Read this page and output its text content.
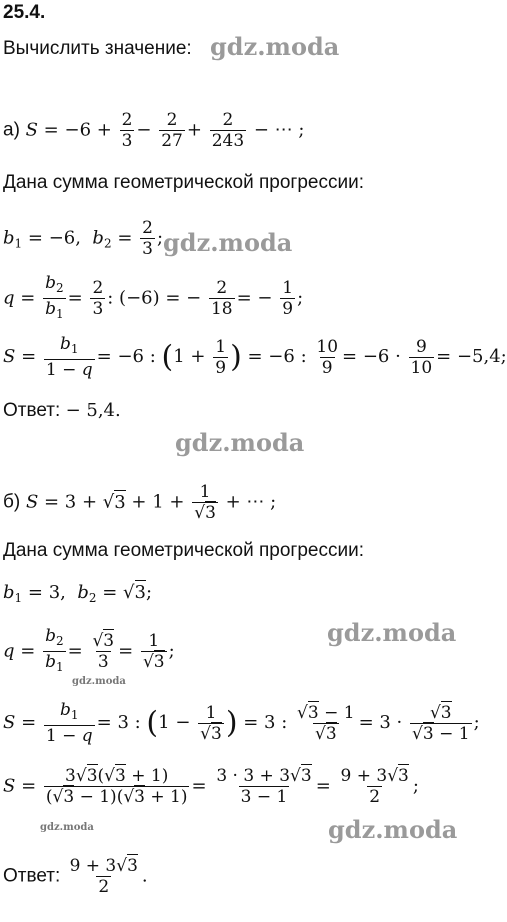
25.4.
Вычислить значение: gdz.moda
а) $S = -6 + \frac{2}{3} - \frac{2}{27} + \frac{2}{243}$ − ⋯ ;
Дана сумма геометрической прогрессии:
$b_1 = -6$,  $b_2 = \frac{2}{3}$ ; gdz.moda
$q = \frac{b_2}{b_1} = \frac{2}{3}$ : (−6) = − $\frac{2}{18}$ = − $\frac{1}{9}$ ;
$S = \frac{b_1}{1 - q} = -6$ : ($1 + \frac{1}{9}$ ) = −6 : $\frac{10}{9} = -6 \cdot \frac{9}{10} = -5,4$;
Ответ: − 5,4.
gdz.moda
б) $S = 3 + √3 + 1 + \frac{1}{√3}$ + ⋯ ;
Дана сумма геометрической прогрессии:
$b_1 = 3$,  $b_2 = √3$;
$q = \frac{b_2}{b_1} = \frac{√3}{3} = \frac{1}{√3}$ ;
gdz.moda
gdz.moda
$S = \frac{b_1}{1 - q} = 3$ : ($1 - \frac{1}{√3}$ ) = 3 : $\frac{√3 - 1}{√3} = 3 \cdot \frac{√3}{√3 - 1}$ ;
$S = \frac{3√3(√3 + 1)}{(√3 - 1)(√3 + 1)} = \frac{3 \cdot 3 + 3√3}{3 - 1} = \frac{9 + 3√3}{2}$ ;
gdz.moda
gdz.moda
Ответ: $\frac{9 + 3√3}{2}$ .
